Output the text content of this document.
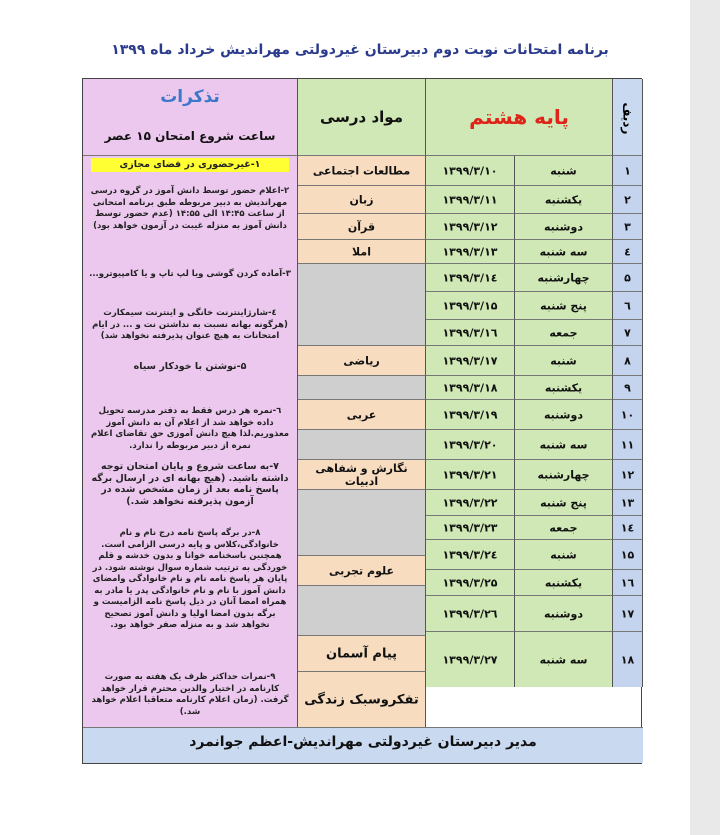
برنامه امتحانات نوبت دوم دبیرستان غیردولتی مهراندیش خرداد ماه ۱۳۹۹
ردیف
پایه هشتم
مواد درسی
تذکرات
ساعت شروع امتحان ۱۵ عصر
۱
شنبه
۱۳۹۹/۳/۱۰
۲
یکشنبه
۱۳۹۹/۳/۱۱
۳
دوشنبه
۱۳۹۹/۳/۱۲
٤
سه شنبه
۱۳۹۹/۳/۱۳
۵
چهارشنبه
۱۳۹۹/۳/۱٤
٦
پنج شنبه
۱۳۹۹/۳/۱۵
۷
جمعه
۱۳۹۹/۳/۱٦
۸
شنبه
۱۳۹۹/۳/۱۷
۹
یکشنبه
۱۳۹۹/۳/۱۸
۱۰
دوشنبه
۱۳۹۹/۳/۱۹
۱۱
سه شنبه
۱۳۹۹/۳/۲۰
۱۲
چهارشنبه
۱۳۹۹/۳/۲۱
۱۳
پنج شنبه
۱۳۹۹/۳/۲۲
۱٤
جمعه
۱۳۹۹/۳/۲۳
۱۵
شنبه
۱۳۹۹/۳/۲٤
۱٦
یکشنبه
۱۳۹۹/۳/۲۵
۱۷
دوشنبه
۱۳۹۹/۳/۲٦
۱۸
سه شنبه
۱۳۹۹/۳/۲۷
مطالعات اجتماعی
زبان
قرآن
املا
ریاضی
عربی
نگارش و شفاهی ادبیات
علوم تجربی
پیام آسمان
تفکروسبک زندگی
۱-غیرحضوری در فضای مجازی
۲-اعلام حضور توسط دانش آموز در گروه درسی مهراندیش به دبیر مربوطه طبق برنامه امتحانی از ساعت ۱۴:۴۵ الی ۱۴:۵۵ (عدم حضور توسط دانش آموز به منزله غیبت در آزمون خواهد بود)
۳-آماده کردن گوشی ویا لپ تاپ و یا کامپیوترو...
٤-شارژاینترنت خانگی و اینترنت سیمکارت (هرگونه بهانه نسبت به نداشتن نت و ... در ایام امتحانات به هیچ عنوان پذیرفته نخواهد شد)
۵-نوشتن با خودکار سیاه
٦-نمره هر درس فقط به دفتر مدرسه تحویل داده خواهد شد از اعلام آن به دانش آموز معذوریم.لذا هیچ دانش آموزی حق تقاضای اعلام نمره از دبیر مربوطه را ندارد.
۷-به ساعت شروع و پایان امتحان توجه داشته باشید. (هیچ بهانه ای در ارسال برگه پاسخ نامه بعد از زمان مشخص شده در آزمون پذیرفته نخواهد شد.)
۸-در برگه پاسخ نامه درج نام و نام خانوادگی،کلاس و پایه درسی الزامی است. همچنین باسخنامه خوانا و بدون خدشه و قلم خوردگی به ترتیب شماره سوال نوشته شود. در پایان هر پاسخ نامه نام و نام خانوادگی وامضای دانش آموز با نام و نام خانوادگی پدر یا مادر به همراه امضا آنان در ذیل پاسخ نامه الزامیست و برگه بدون امضا اولیا و دانش آموز تصحیح نخواهد شد و به منزله صفر خواهد بود.
۹-نمرات حداکثر ظرف یک هفته به صورت کارنامه در اختیار والدین محترم قرار خواهد گرفت. (زمان اعلام کارنامه متعاقبا اعلام خواهد شد.)
مدیر دبیرستان غیردولتی مهراندیش-اعظم جوانمرد
